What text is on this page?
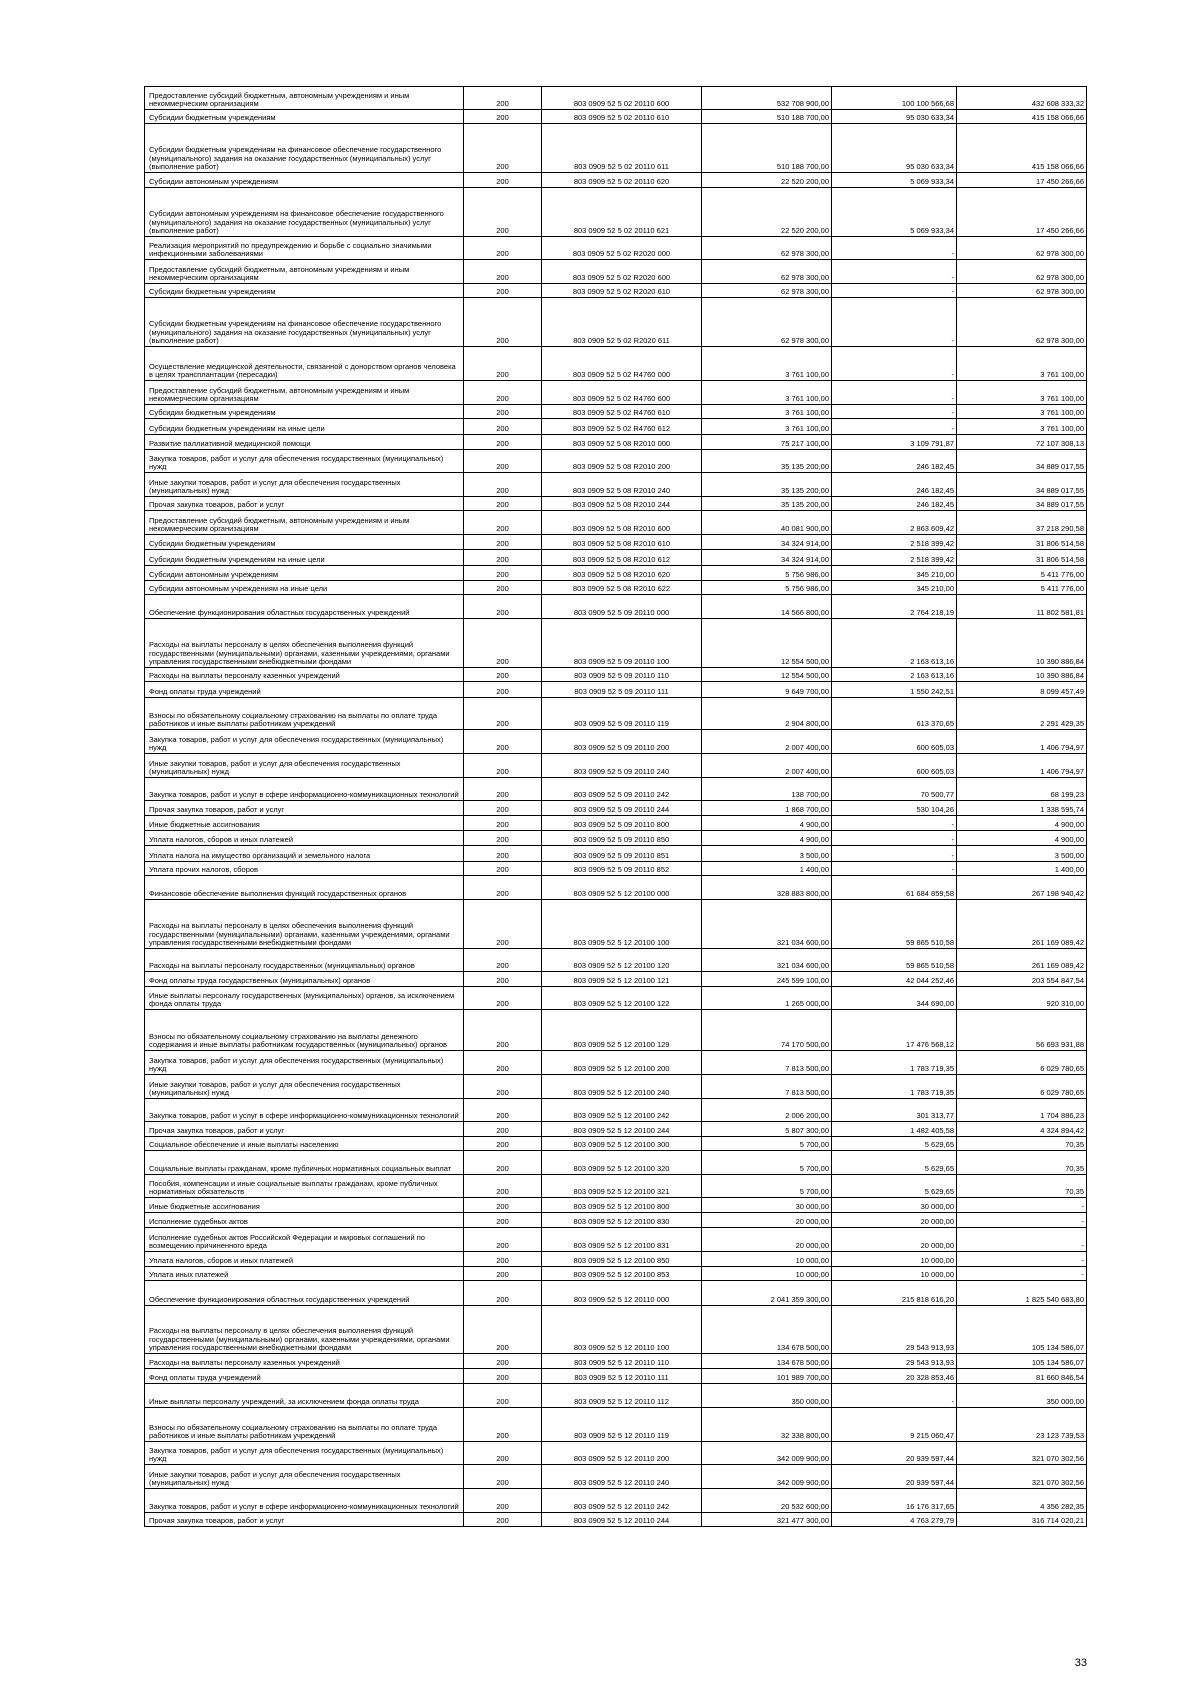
Предоставление субсидий бюджетным, автономным учреждениям и иным некоммерческим организациям	200	803 0909 52 5 02 20110 600	532 708 900,00	100 100 566,68	432 608 333,32
Субсидии бюджетным учреждениям	200	803 0909 52 5 02 20110 610	510 188 700,00	95 030 633,34	415 158 066,66
Субсидии бюджетным учреждениям на финансовое обеспечение государственного (муниципального) задания на оказание государственных (муниципальных) услуг (выполнение работ)	200	803 0909 52 5 02 20110 611	510 188 700,00	95 030 633,34	415 158 066,66
Субсидии автономным учреждениям	200	803 0909 52 5 02 20110 620	22 520 200,00	5 069 933,34	17 450 266,66
Субсидии автономным учреждениям на финансовое обеспечение государственного (муниципального) задания на оказание государственных (муниципальных) услуг (выполнение работ)	200	803 0909 52 5 02 20110 621	22 520 200,00	5 069 933,34	17 450 266,66
Реализация мероприятий по предупреждению и борьбе с социально значимыми инфекционными заболеваниями	200	803 0909 52 5 02 R2020 000	62 978 300,00	-	62 978 300,00
Предоставление субсидий бюджетным, автономным учреждениям и иным некоммерческим организациям	200	803 0909 52 5 02 R2020 600	62 978 300,00	-	62 978 300,00
Субсидии бюджетным учреждениям	200	803 0909 52 5 02 R2020 610	62 978 300,00	-	62 978 300,00
Субсидии бюджетным учреждениям на финансовое обеспечение государственного (муниципального) задания на оказание государственных (муниципальных) услуг (выполнение работ)	200	803 0909 52 5 02 R2020 611	62 978 300,00	-	62 978 300,00
Осуществление медицинской деятельности, связанной с донорством органов человека в целях трансплантации (пересадки)	200	803 0909 52 5 02 R4760 000	3 761 100,00	-	3 761 100,00
Предоставление субсидий бюджетным, автономным учреждениям и иным некоммерческим организациям	200	803 0909 52 5 02 R4760 600	3 761 100,00	-	3 761 100,00
Субсидии бюджетным учреждениям	200	803 0909 52 5 02 R4760 610	3 761 100,00	-	3 761 100,00
Субсидии бюджетным учреждениям на иные цели	200	803 0909 52 5 02 R4760 612	3 761 100,00	-	3 761 100,00
Развитие паллиативной медицинской помощи	200	803 0909 52 5 08 R2010 000	75 217 100,00	3 109 791,87	72 107 308,13
Закупка товаров, работ и услуг для обеспечения государственных (муниципальных) нужд	200	803 0909 52 5 08 R2010 200	35 135 200,00	246 182,45	34 889 017,55
Иные закупки товаров, работ и услуг для обеспечения государственных (муниципальных) нужд	200	803 0909 52 5 08 R2010 240	35 135 200,00	246 182,45	34 889 017,55
Прочая закупка товаров, работ и услуг	200	803 0909 52 5 08 R2010 244	35 135 200,00	246 182,45	34 889 017,55
Предоставление субсидий бюджетным, автономным учреждениям и иным некоммерческим организациям	200	803 0909 52 5 08 R2010 600	40 081 900,00	2 863 609,42	37 218 290,58
Субсидии бюджетным учреждениям	200	803 0909 52 5 08 R2010 610	34 324 914,00	2 518 399,42	31 806 514,58
Субсидии бюджетным учреждениям на иные цели	200	803 0909 52 5 08 R2010 612	34 324 914,00	2 518 399,42	31 806 514,58
Субсидии автономным учреждениям	200	803 0909 52 5 08 R2010 620	5 756 986,00	345 210,00	5 411 776,00
Субсидии автономным учреждениям на иные цели	200	803 0909 52 5 08 R2010 622	5 756 986,00	345 210,00	5 411 776,00
Обеспечение функционирования областных государственных учреждений	200	803 0909 52 5 09 20110 000	14 566 800,00	2 764 218,19	11 802 581,81
Расходы на выплаты персоналу в целях обеспечения выполнения функций государственными (муниципальными) органами, казенными учреждениями, органами управления государственными внебюджетными фондами	200	803 0909 52 5 09 20110 100	12 554 500,00	2 163 613,16	10 390 886,84
Расходы на выплаты персоналу казенных учреждений	200	803 0909 52 5 09 20110 110	12 554 500,00	2 163 613,16	10 390 886,84
Фонд оплаты труда учреждений	200	803 0909 52 5 09 20110 111	9 649 700,00	1 550 242,51	8 099 457,49
Взносы по обязательному социальному страхованию на выплаты по оплате труда работников и иные выплаты работникам учреждений	200	803 0909 52 5 09 20110 119	2 904 800,00	613 370,65	2 291 429,35
Закупка товаров, работ и услуг для обеспечения государственных (муниципальных) нужд	200	803 0909 52 5 09 20110 200	2 007 400,00	600 605,03	1 406 794,97
Иные закупки товаров, работ и услуг для обеспечения государственных (муниципальных) нужд	200	803 0909 52 5 09 20110 240	2 007 400,00	600 605,03	1 406 794,97
Закупка товаров, работ и услуг в сфере информационно-коммуникационных технологий	200	803 0909 52 5 09 20110 242	138 700,00	70 500,77	68 199,23
Прочая закупка товаров, работ и услуг	200	803 0909 52 5 09 20110 244	1 868 700,00	530 104,26	1 338 595,74
Иные бюджетные ассигнования	200	803 0909 52 5 09 20110 800	4 900,00	-	4 900,00
Уплата налогов, сборов и иных платежей	200	803 0909 52 5 09 20110 850	4 900,00	-	4 900,00
Уплата налога на имущество организаций и земельного налога	200	803 0909 52 5 09 20110 851	3 500,00	-	3 500,00
Уплата прочих налогов, сборов	200	803 0909 52 5 09 20110 852	1 400,00	-	1 400,00
Финансовое обеспечение выполнения функций государственных органов	200	803 0909 52 5 12 20100 000	328 883 800,00	61 684 859,58	267 198 940,42
Расходы на выплаты персоналу в целях обеспечения выполнения функций государственными (муниципальными) органами, казенными учреждениями, органами управления государственными внебюджетными фондами	200	803 0909 52 5 12 20100 100	321 034 600,00	59 865 510,58	261 169 089,42
Расходы на выплаты персоналу государственных (муниципальных) органов	200	803 0909 52 5 12 20100 120	321 034 600,00	59 865 510,58	261 169 089,42
Фонд оплаты труда государственных (муниципальных) органов	200	803 0909 52 5 12 20100 121	245 599 100,00	42 044 252,46	203 554 847,54
Иные выплаты персоналу государственных (муниципальных) органов, за исключением фонда оплаты труда	200	803 0909 52 5 12 20100 122	1 265 000,00	344 690,00	920 310,00
Взносы по обязательному социальному страхованию на выплаты денежного содержания и иные выплаты работникам государственных (муниципальных) органов	200	803 0909 52 5 12 20100 129	74 170 500,00	17 476 568,12	56 693 931,88
Закупка товаров, работ и услуг для обеспечения государственных (муниципальных) нужд	200	803 0909 52 5 12 20100 200	7 813 500,00	1 783 719,35	6 029 780,65
Иные закупки товаров, работ и услуг для обеспечения государственных (муниципальных) нужд	200	803 0909 52 5 12 20100 240	7 813 500,00	1 783 719,35	6 029 780,65
Закупка товаров, работ и услуг в сфере информационно-коммуникационных технологий	200	803 0909 52 5 12 20100 242	2 006 200,00	301 313,77	1 704 886,23
Прочая закупка товаров, работ и услуг	200	803 0909 52 5 12 20100 244	5 807 300,00	1 482 405,58	4 324 894,42
Социальное обеспечение и иные выплаты населению	200	803 0909 52 5 12 20100 300	5 700,00	5 629,65	70,35
Социальные выплаты гражданам, кроме публичных нормативных социальных выплат	200	803 0909 52 5 12 20100 320	5 700,00	5 629,65	70,35
Пособия, компенсации и иные социальные выплаты гражданам, кроме публичных нормативных обязательств	200	803 0909 52 5 12 20100 321	5 700,00	5 629,65	70,35
Иные бюджетные ассигнования	200	803 0909 52 5 12 20100 800	30 000,00	30 000,00	-
Исполнение судебных актов	200	803 0909 52 5 12 20100 830	20 000,00	20 000,00	-
Исполнение судебных актов Российской Федерации и мировых соглашений по возмещению причиненного вреда	200	803 0909 52 5 12 20100 831	20 000,00	20 000,00	-
Уплата налогов, сборов и иных платежей	200	803 0909 52 5 12 20100 850	10 000,00	10 000,00	-
Уплата иных платежей	200	803 0909 52 5 12 20100 853	10 000,00	10 000,00	-
Обеспечение функционирования областных государственных учреждений	200	803 0909 52 5 12 20110 000	2 041 359 300,00	215 818 616,20	1 825 540 683,80
Расходы на выплаты персоналу в целях обеспечения выполнения функций государственными (муниципальными) органами, казенными учреждениями, органами управления государственными внебюджетными фондами	200	803 0909 52 5 12 20110 100	134 678 500,00	29 543 913,93	105 134 586,07
Расходы на выплаты персоналу казенных учреждений	200	803 0909 52 5 12 20110 110	134 678 500,00	29 543 913,93	105 134 586,07
Фонд оплаты труда учреждений	200	803 0909 52 5 12 20110 111	101 989 700,00	20 328 853,46	81 660 846,54
Иные выплаты персоналу учреждений, за исключением фонда оплаты труда	200	803 0909 52 5 12 20110 112	350 000,00	-	350 000,00
Взносы по обязательному социальному страхованию на выплаты по оплате труда работников и иные выплаты работникам учреждений	200	803 0909 52 5 12 20110 119	32 338 800,00	9 215 060,47	23 123 739,53
Закупка товаров, работ и услуг для обеспечения государственных (муниципальных) нужд	200	803 0909 52 5 12 20110 200	342 009 900,00	20 939 597,44	321 070 302,56
Иные закупки товаров, работ и услуг для обеспечения государственных (муниципальных) нужд	200	803 0909 52 5 12 20110 240	342 009 900,00	20 939 597,44	321 070 302,56
Закупка товаров, работ и услуг в сфере информационно-коммуникационных технологий	200	803 0909 52 5 12 20110 242	20 532 600,00	16 176 317,65	4 356 282,35
Прочая закупка товаров, работ и услуг	200	803 0909 52 5 12 20110 244	321 477 300,00	4 763 279,79	316 714 020,21
33
